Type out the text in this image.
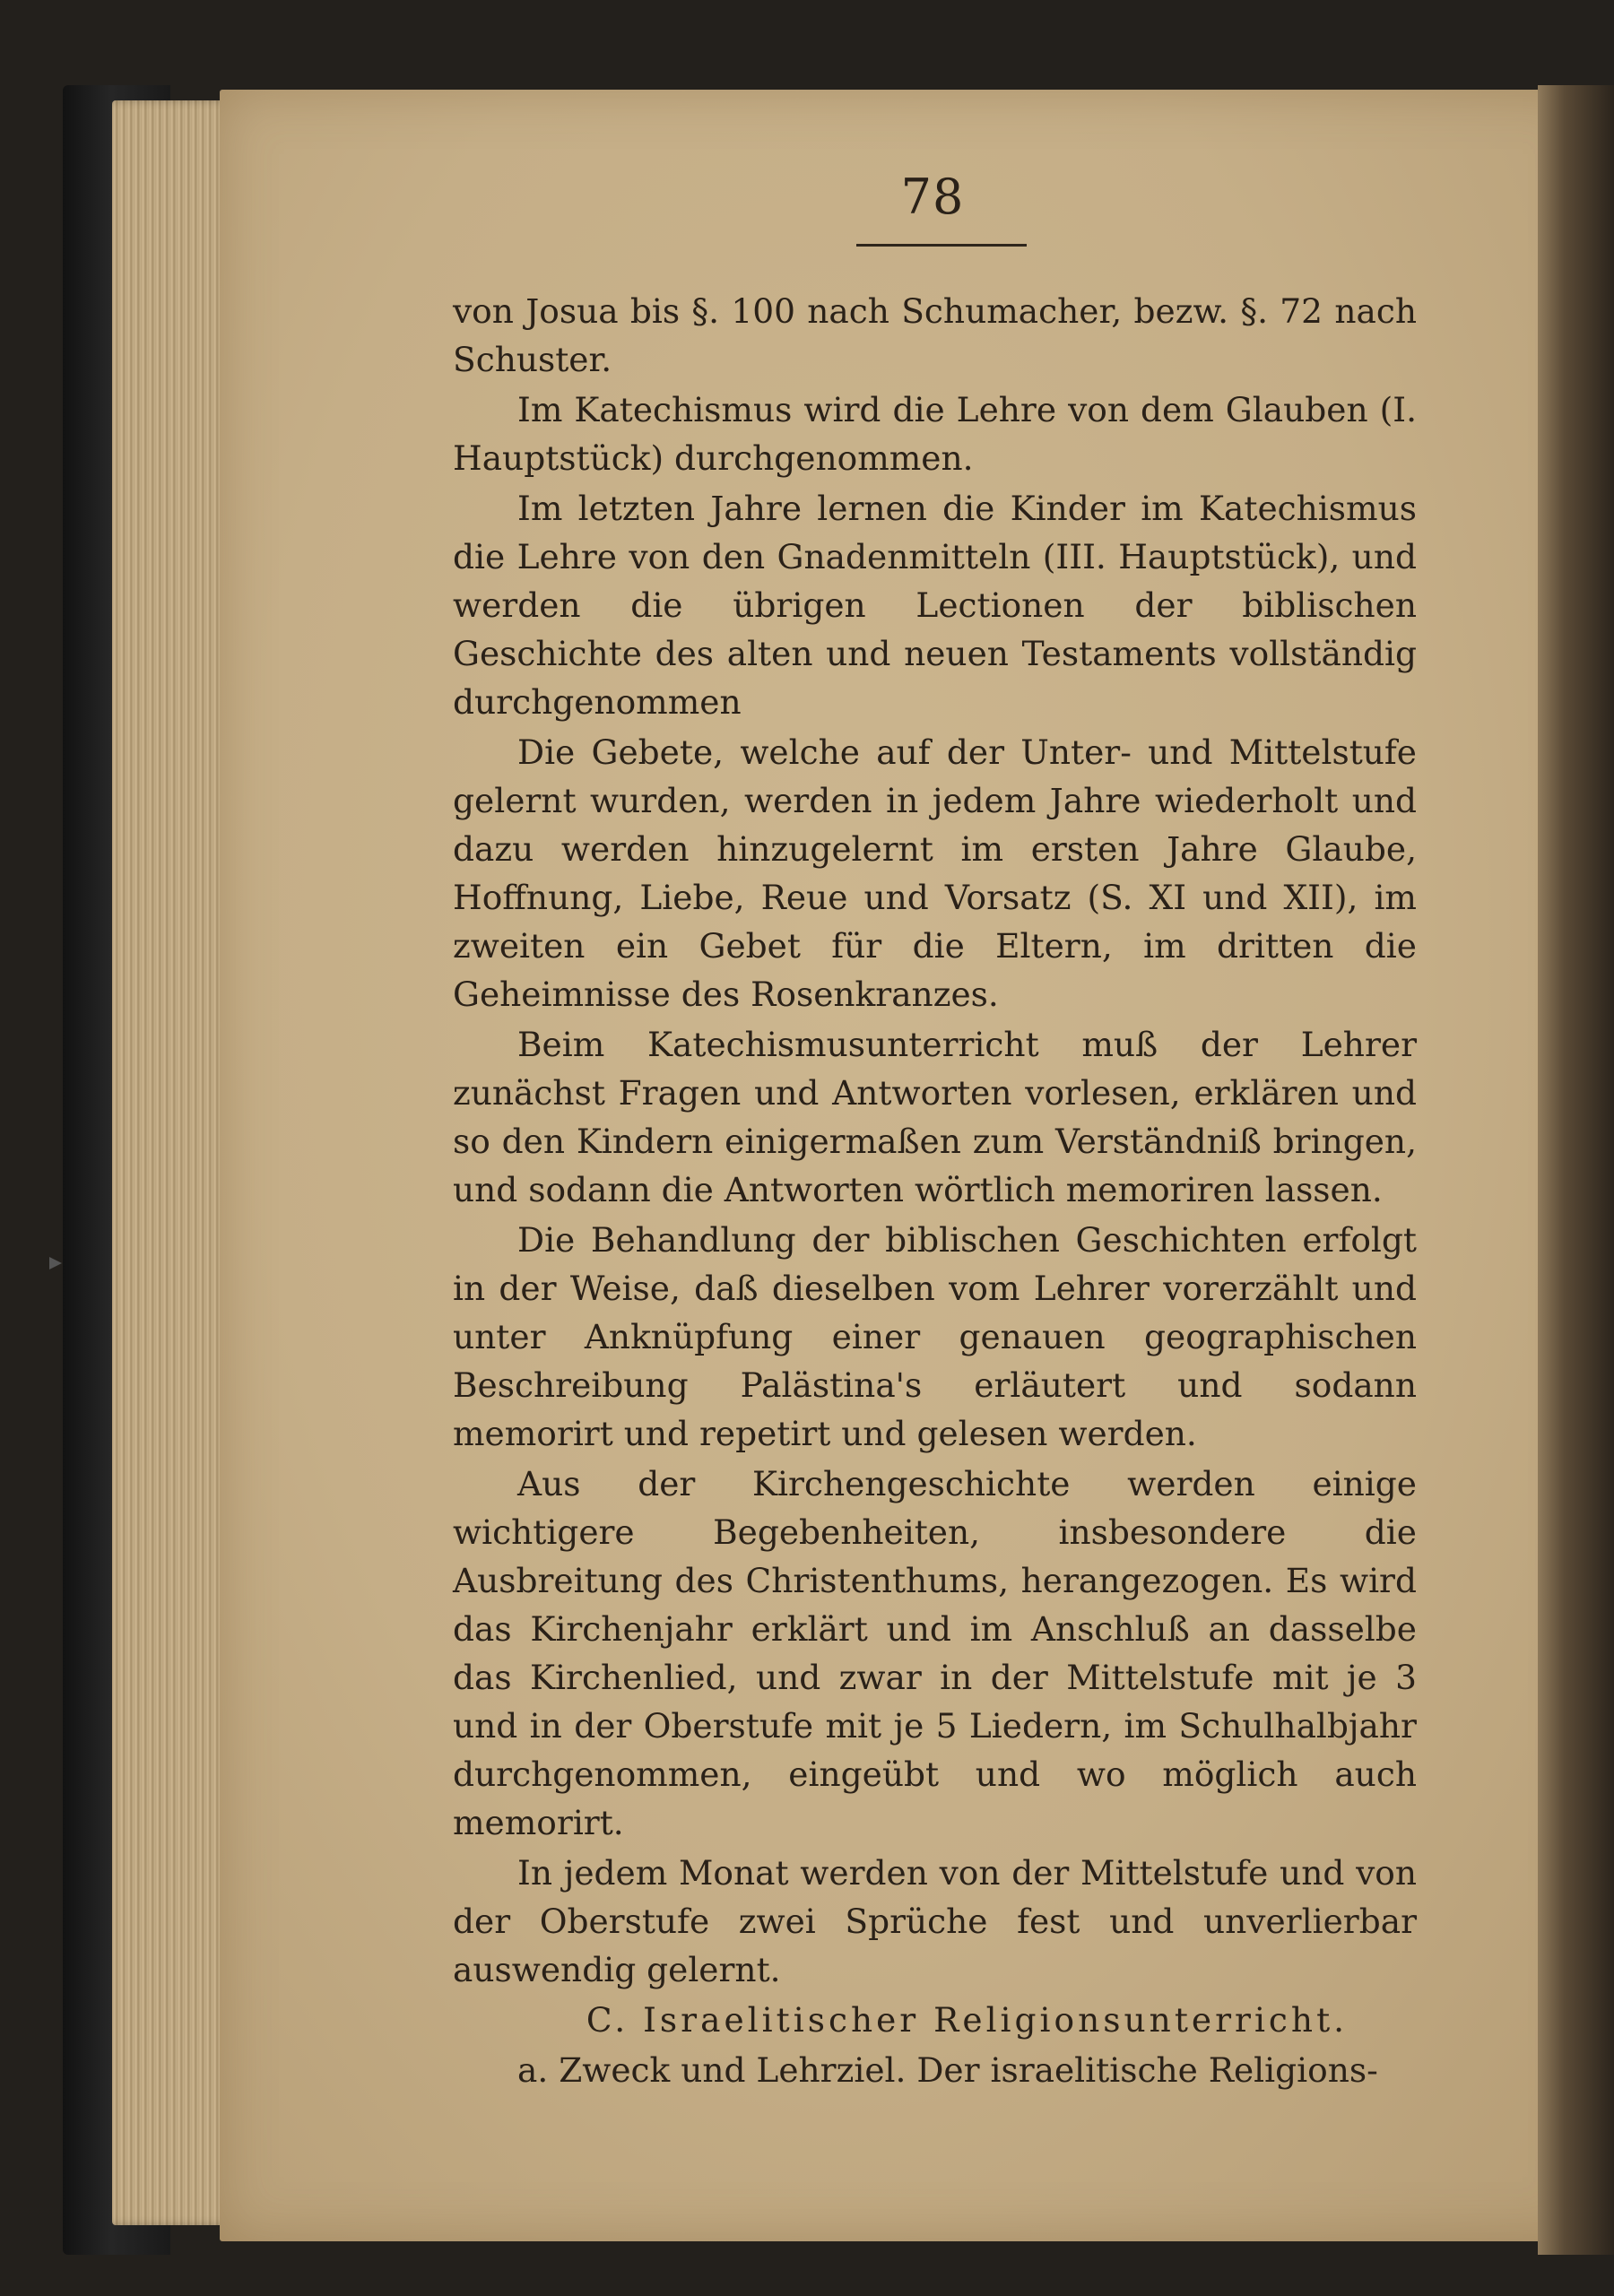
78

von Josua bis §. 100 nach Schumacher, bezw. §. 72 nach Schuster.

Im Katechismus wird die Lehre von dem Glauben (I. Hauptstück) durchgenommen.

Im letzten Jahre lernen die Kinder im Katechismus die Lehre von den Gnadenmitteln (III. Hauptstück), und werden die übrigen Lectionen der biblischen Geschichte des alten und neuen Testaments vollständig durchgenommen

Die Gebete, welche auf der Unter- und Mittelstufe gelernt wurden, werden in jedem Jahre wiederholt und dazu werden hinzugelernt im ersten Jahre Glaube, Hoffnung, Liebe, Reue und Vorsatz (S. XI und XII), im zweiten ein Gebet für die Eltern, im dritten die Geheimnisse des Rosenkranzes.

Beim Katechismusunterricht muß der Lehrer zunächst Fragen und Antworten vorlesen, erklären und so den Kindern einigermaßen zum Verständniß bringen, und sodann die Antworten wörtlich memoriren lassen.

Die Behandlung der biblischen Geschichten erfolgt in der Weise, daß dieselben vom Lehrer vorerzählt und unter Anknüpfung einer genauen geographischen Beschreibung Palästina's erläutert und sodann memorirt und repetirt und gelesen werden.

Aus der Kirchengeschichte werden einige wichtigere Begebenheiten, insbesondere die Ausbreitung des Christenthums, herangezogen. Es wird das Kirchenjahr erklärt und im Anschluß an dasselbe das Kirchenlied, und zwar in der Mittelstufe mit je 3 und in der Oberstufe mit je 5 Liedern, im Schulhalbjahr durchgenommen, eingeübt und wo möglich auch memorirt.

In jedem Monat werden von der Mittelstufe und von der Oberstufe zwei Sprüche fest und unverlierbar auswendig gelernt.

C. Israelitischer Religionsunterricht.

a. Zweck und Lehrziel. Der israelitische Religions-
